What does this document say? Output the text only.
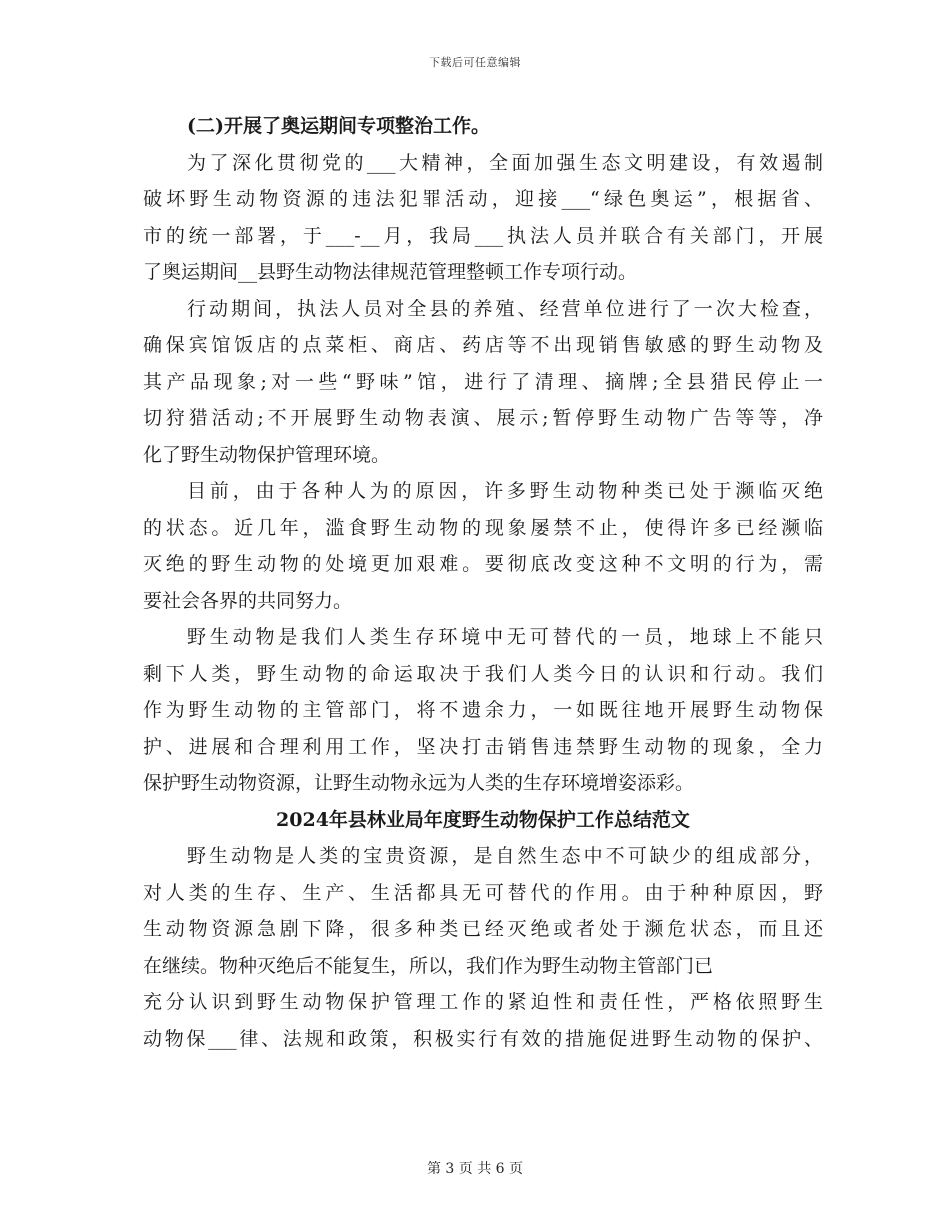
下载后可任意编辑
(二)开展了奥运期间专项整治工作。
为了深化贯彻党的___大精神，全面加强生态文明建设，有效遏制
破坏野生动物资源的违法犯罪活动，迎接___“绿色奥运”，根据省、
市的统一部署，于___-__月，我局___执法人员并联合有关部门，开展
了奥运期间__县野生动物法律规范管理整顿工作专项行动。
行动期间，执法人员对全县的养殖、经营单位进行了一次大检查，
确保宾馆饭店的点菜柜、商店、药店等不出现销售敏感的野生动物及
其产品现象;对一些“野味”馆，进行了清理、摘牌;全县猎民停止一
切狩猎活动;不开展野生动物表演、展示;暂停野生动物广告等等，净
化了野生动物保护管理环境。
目前，由于各种人为的原因，许多野生动物种类已处于濒临灭绝
的状态。近几年，滥食野生动物的现象屡禁不止，使得许多已经濒临
灭绝的野生动物的处境更加艰难。要彻底改变这种不文明的行为，需
要社会各界的共同努力。
野生动物是我们人类生存环境中无可替代的一员，地球上不能只
剩下人类，野生动物的命运取决于我们人类今日的认识和行动。我们
作为野生动物的主管部门，将不遗余力，一如既往地开展野生动物保
护、进展和合理利用工作，坚决打击销售违禁野生动物的现象，全力
保护野生动物资源，让野生动物永远为人类的生存环境增姿添彩。
2024年县林业局年度野生动物保护工作总结范文
野生动物是人类的宝贵资源，是自然生态中不可缺少的组成部分，
对人类的生存、生产、生活都具无可替代的作用。由于种种原因，野
生动物资源急剧下降，很多种类已经灭绝或者处于濒危状态，而且还
在继续。物种灭绝后不能复生，所以，我们作为野生动物主管部门已
充分认识到野生动物保护管理工作的紧迫性和责任性，严格依照野生
动物保___律、法规和政策，积极实行有效的措施促进野生动物的保护、
第 3 页 共 6 页
